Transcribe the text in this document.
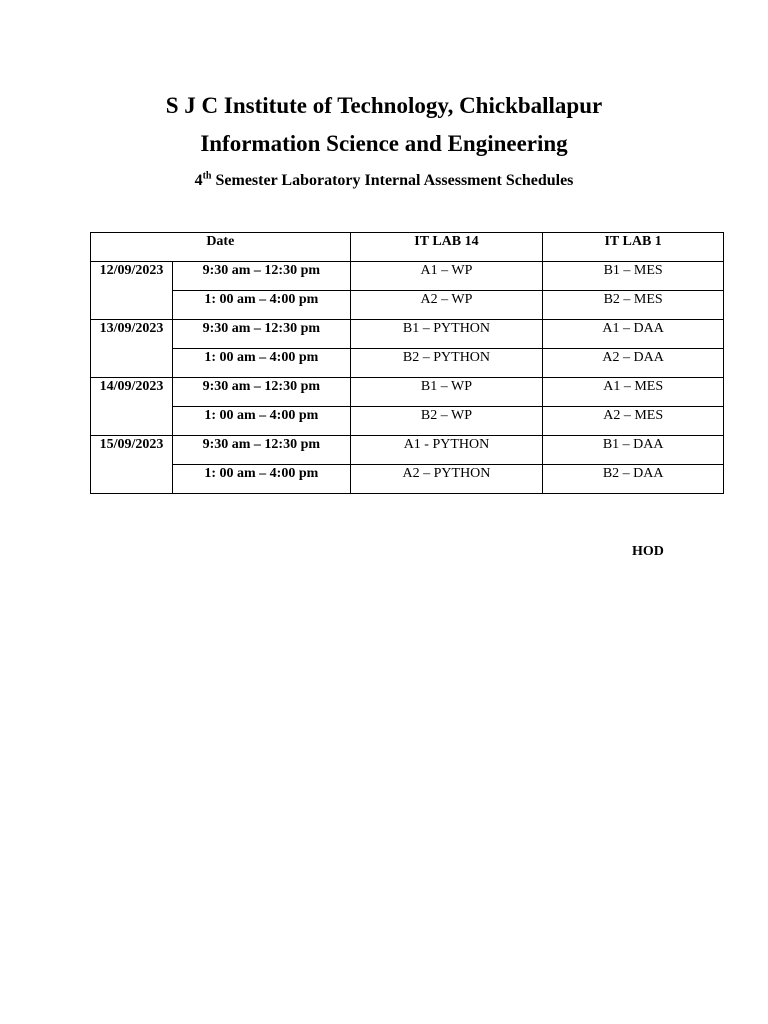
S J C Institute of Technology, Chickballapur
Information Science and Engineering
4th Semester Laboratory Internal Assessment Schedules
Date		IT LAB 14	IT LAB 1
12/09/2023	9:30 am – 12:30 pm	A1 – WP	B1 – MES
	1: 00 am – 4:00 pm	A2 – WP	B2 – MES
13/09/2023	9:30 am – 12:30 pm	B1 – PYTHON	A1 – DAA
	1: 00 am – 4:00 pm	B2 – PYTHON	A2 – DAA
14/09/2023	9:30 am – 12:30 pm	B1 – WP	A1 – MES
	1: 00 am – 4:00 pm	B2 – WP	A2 – MES
15/09/2023	9:30 am – 12:30 pm	A1 - PYTHON	B1 – DAA
	1: 00 am – 4:00 pm	A2 – PYTHON	B2 – DAA
HOD
